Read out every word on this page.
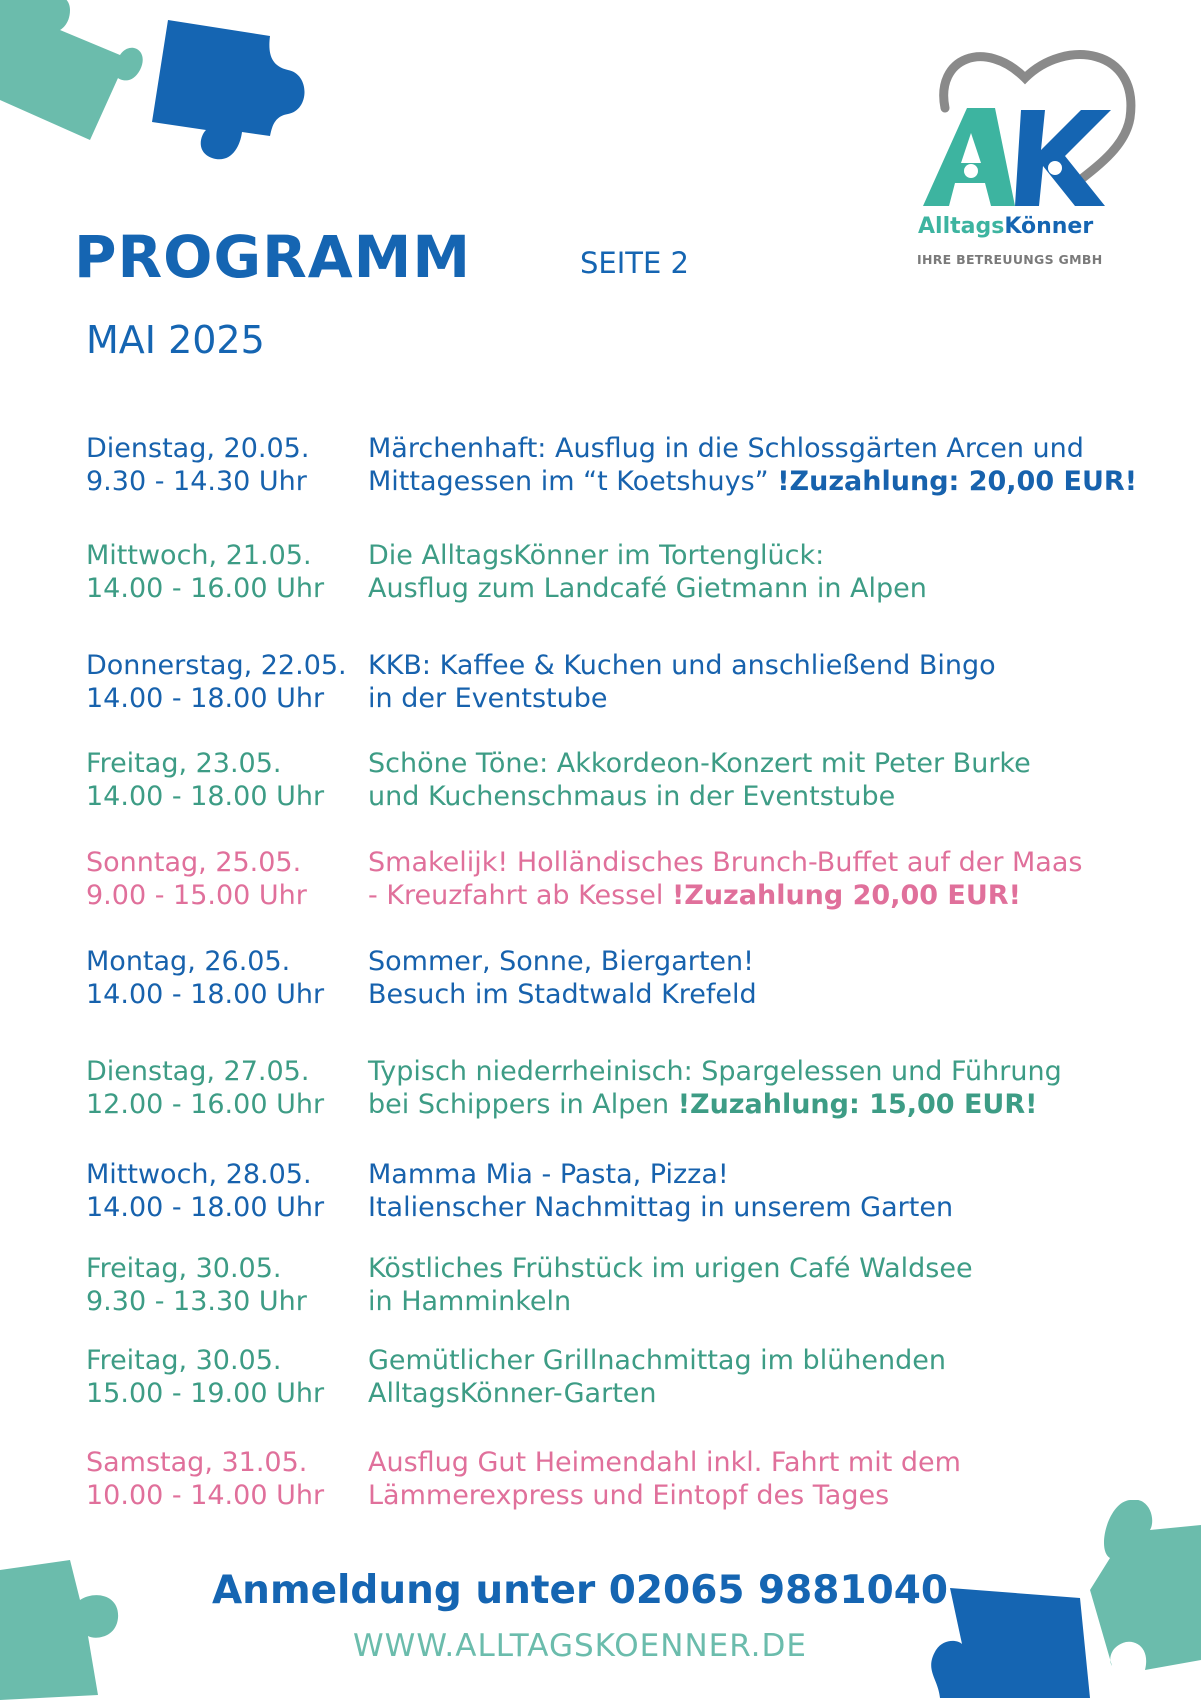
AlltagsKönner
IHRE BETREUUNGS GMBH
PROGRAMM	SEITE 2
MAI 2025
Dienstag, 20.05.
9.30 - 14.30 Uhr
Märchenhaft: Ausflug in die Schlossgärten Arcen und
Mittagessen im “t Koetshuys” !Zuzahlung: 20,00 EUR!
Mittwoch, 21.05.
14.00 - 16.00 Uhr
Die AlltagsKönner im Tortenglück:
Ausflug zum Landcafé Gietmann in Alpen
Donnerstag, 22.05.
14.00 - 18.00 Uhr
KKB: Kaffee & Kuchen und anschließend Bingo
in der Eventstube
Freitag, 23.05.
14.00 - 18.00 Uhr
Schöne Töne: Akkordeon-Konzert mit Peter Burke
und Kuchenschmaus in der Eventstube
Sonntag, 25.05.
9.00 - 15.00 Uhr
Smakelijk! Holländisches Brunch-Buffet auf der Maas
- Kreuzfahrt ab Kessel !Zuzahlung 20,00 EUR!
Montag, 26.05.
14.00 - 18.00 Uhr
Sommer, Sonne, Biergarten!
Besuch im Stadtwald Krefeld
Dienstag, 27.05.
12.00 - 16.00 Uhr
Typisch niederrheinisch: Spargelessen und Führung
bei Schippers in Alpen !Zuzahlung: 15,00 EUR!
Mittwoch, 28.05.
14.00 - 18.00 Uhr
Mamma Mia - Pasta, Pizza!
Italienscher Nachmittag in unserem Garten
Freitag, 30.05.
9.30 - 13.30 Uhr
Köstliches Frühstück im urigen Café Waldsee
in Hamminkeln
Freitag, 30.05.
15.00 - 19.00 Uhr
Gemütlicher Grillnachmittag im blühenden
AlltagsKönner-Garten
Samstag, 31.05.
10.00 - 14.00 Uhr
Ausflug Gut Heimendahl inkl. Fahrt mit dem
Lämmerexpress und Eintopf des Tages
Anmeldung unter 02065 9881040
WWW.ALLTAGSKOENNER.DE
